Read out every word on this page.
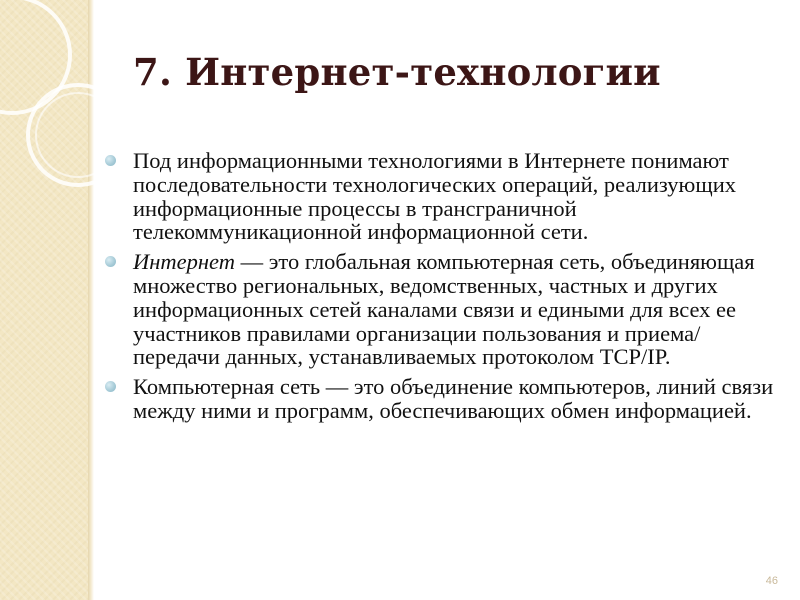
7. Интернет-технологии
Под информационными технологиями в Интернете понимают последовательности технологических операций, реализующих информационные процессы в трансграничной телекоммуникационной информационной сети.
Интернет — это глобальная компьютерная сеть, объединяющая множество региональных, ведомственных, частных и других информационных сетей каналами связи и едиными для всех ее участников правилами организации пользования и приема/передачи данных, устанавливаемых протоколом TCP/IP.
Компьютерная сеть — это объединение компьютеров, линий связи между ними и программ, обеспечивающих обмен информацией.
46
